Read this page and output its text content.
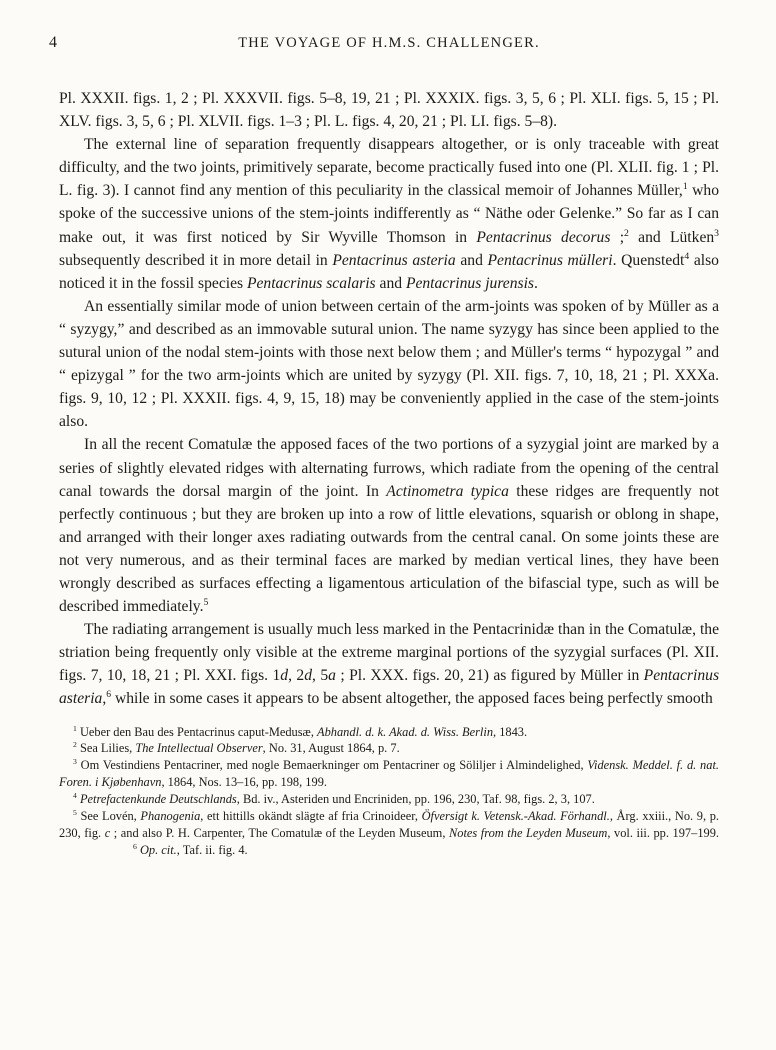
4	THE VOYAGE OF H.M.S. CHALLENGER.

Pl. XXXII. figs. 1, 2 ; Pl. XXXVII. figs. 5–8, 19, 21 ; Pl. XXXIX. figs. 3, 5, 6 ; Pl. XLI. figs. 5, 15 ; Pl. XLV. figs. 3, 5, 6 ; Pl. XLVII. figs. 1–3 ; Pl. L. figs. 4, 20, 21 ; Pl. LI. figs. 5–8).

The external line of separation frequently disappears altogether, or is only traceable with great difficulty, and the two joints, primitively separate, become practically fused into one (Pl. XLII. fig. 1 ; Pl. L. fig. 3). I cannot find any mention of this peculiarity in the classical memoir of Johannes Müller,$^1$ who spoke of the successive unions of the stem-joints indifferently as “ Näthe oder Gelenke.” So far as I can make out, it was first noticed by Sir Wyville Thomson in Pentacrinus decorus ;$^2$ and Lütken$^3$ subsequently described it in more detail in Pentacrinus asteria and Pentacrinus mülleri. Quenstedt$^4$ also noticed it in the fossil species Pentacrinus scalaris and Pentacrinus jurensis.

An essentially similar mode of union between certain of the arm-joints was spoken of by Müller as a “ syzygy,” and described as an immovable sutural union. The name syzygy has since been applied to the sutural union of the nodal stem-joints with those next below them ; and Müller's terms “ hypozygal ” and “ epizygal ” for the two arm-joints which are united by syzygy (Pl. XII. figs. 7, 10, 18, 21 ; Pl. XXXa. figs. 9, 10, 12 ; Pl. XXXII. figs. 4, 9, 15, 18) may be conveniently applied in the case of the stem-joints also.

In all the recent Comatulæ the apposed faces of the two portions of a syzygial joint are marked by a series of slightly elevated ridges with alternating furrows, which radiate from the opening of the central canal towards the dorsal margin of the joint. In Actinometra typica these ridges are frequently not perfectly continuous ; but they are broken up into a row of little elevations, squarish or oblong in shape, and arranged with their longer axes radiating outwards from the central canal. On some joints these are not very numerous, and as their terminal faces are marked by median vertical lines, they have been wrongly described as surfaces effecting a ligamentous articulation of the bifascial type, such as will be described immediately.$^5$

The radiating arrangement is usually much less marked in the Pentacrinidæ than in the Comatulæ, the striation being frequently only visible at the extreme marginal portions of the syzygial surfaces (Pl. XII. figs. 7, 10, 18, 21 ; Pl. XXI. figs. 1d, 2d, 5a ; Pl. XXX. figs. 20, 21) as figured by Müller in Pentacrinus asteria,$^6$ while in some cases it appears to be absent altogether, the apposed faces being perfectly smooth

$^1$ Ueber den Bau des Pentacrinus caput-Medusæ, Abhandl. d. k. Akad. d. Wiss. Berlin, 1843.

$^2$ Sea Lilies, The Intellectual Observer, No. 31, August 1864, p. 7.

$^3$ Om Vestindiens Pentacriner, med nogle Bemaerkninger om Pentacriner og Söliljer i Almindelighed, Vidensk. Meddel. f. d. nat. Foren. i Kjøbenhavn, 1864, Nos. 13–16, pp. 198, 199.

$^4$ Petrefactenkunde Deutschlands, Bd. iv., Asteriden und Encriniden, pp. 196, 230, Taf. 98, figs. 2, 3, 107.

$^5$ See Lovén, Phanogenia, ett hittills okändt slägte af fria Crinoideer, Öfversigt k. Vetensk.-Akad. Förhandl., Årg. xxiii., No. 9, p. 230, fig. c ; and also P. H. Carpenter, The Comatulæ of the Leyden Museum, Notes from the Leyden Museum, vol. iii. pp. 197–199.$^6$ Op. cit., Taf. ii. fig. 4.
